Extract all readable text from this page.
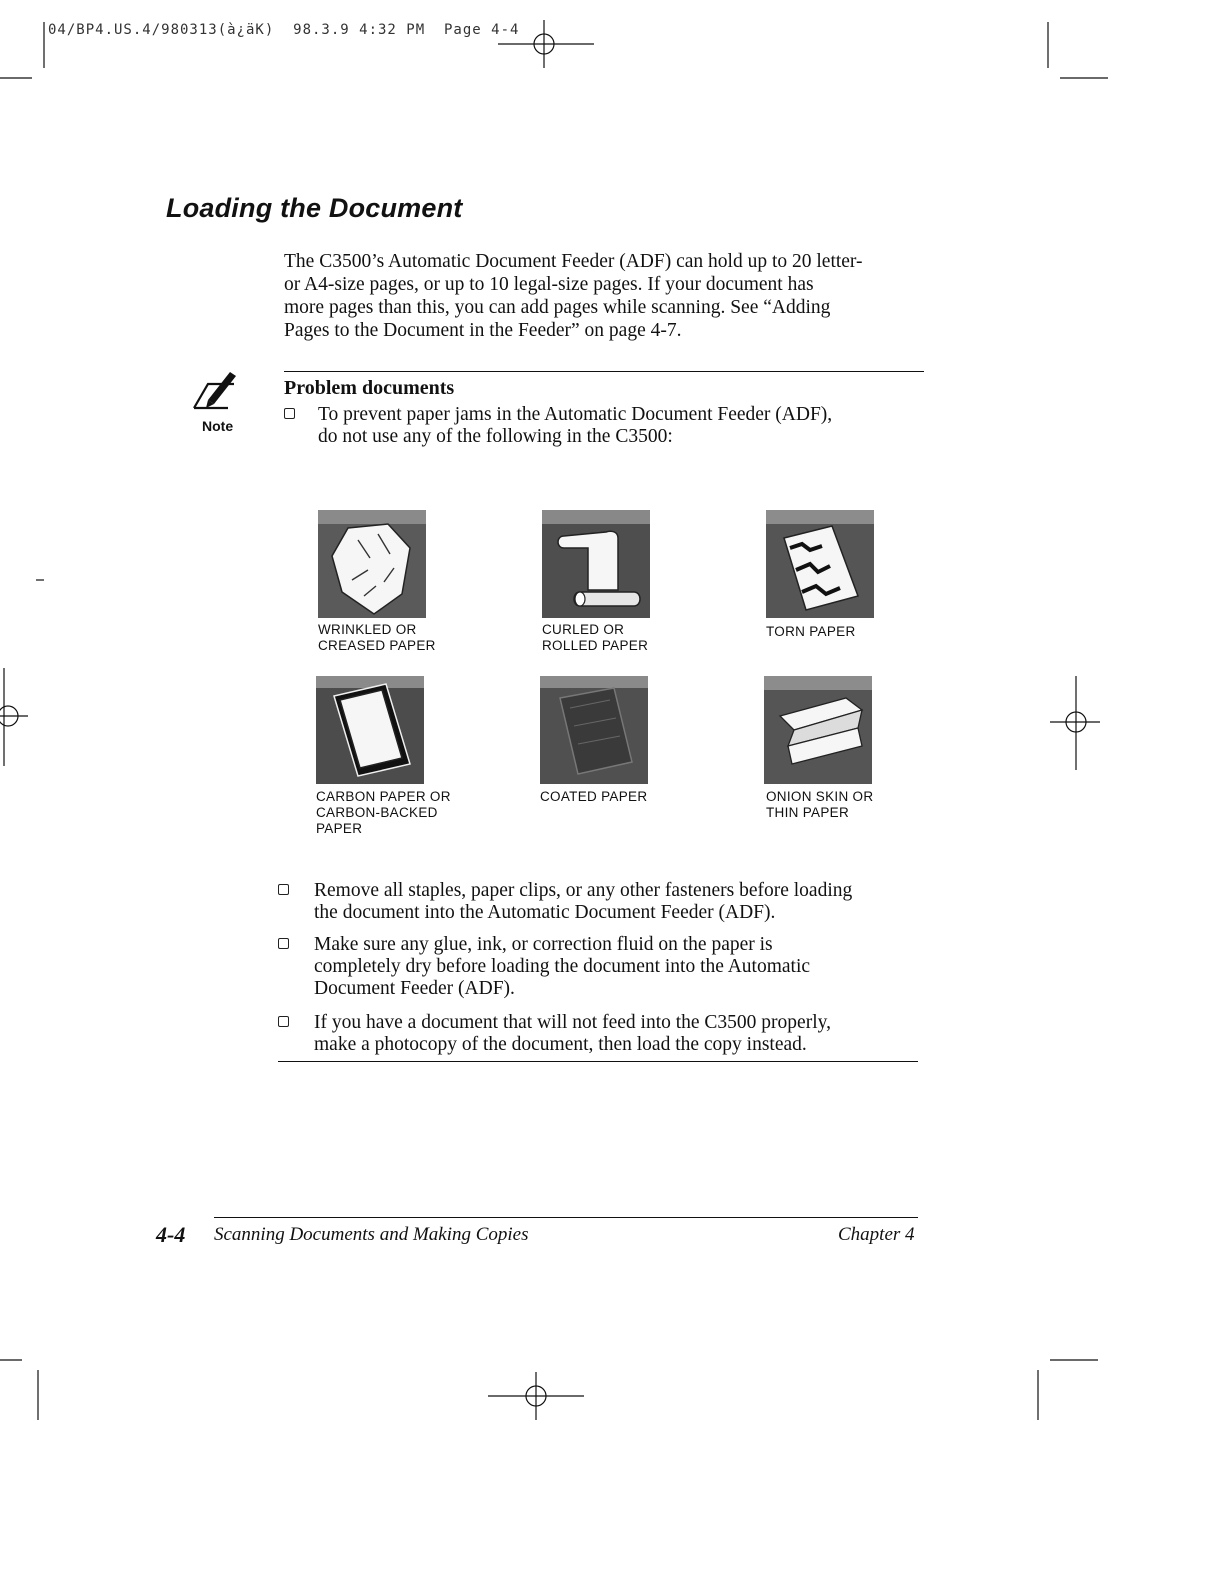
04/BP4.US.4/980313(à¿äK)  98.3.9 4:32 PM  Page 4-4
Loading the Document
The C3500’s Automatic Document Feeder (ADF) can hold up to 20 letter-
or A4-size pages, or up to 10 legal-size pages. If your document has
more pages than this, you can add pages while scanning. See “Adding
Pages to the Document in the Feeder” on page 4-7.
Note
Problem documents
To prevent paper jams in the Automatic Document Feeder (ADF),
do not use any of the following in the C3500:
WRINKLED OR
CREASED PAPER
CURLED OR
ROLLED PAPER
TORN PAPER
CARBON PAPER OR
CARBON-BACKED
PAPER
COATED PAPER	ONION SKIN OR
THIN PAPER
Remove all staples, paper clips, or any other fasteners before loading
the document into the Automatic Document Feeder (ADF).
Make sure any glue, ink, or correction fluid on the paper is
completely dry before loading the document into the Automatic
Document Feeder (ADF).
If you have a document that will not feed into the C3500 properly,
make a photocopy of the document, then load the copy instead.
4-4 Scanning Documents and Making Copies	Chapter 4
